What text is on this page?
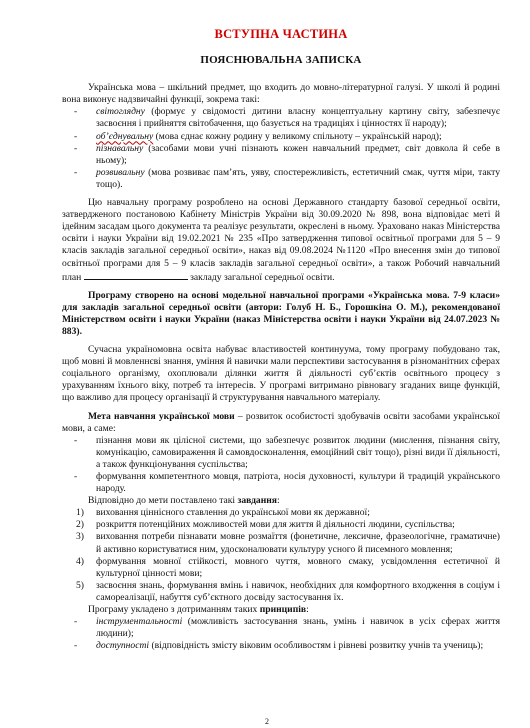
ВСТУПНА ЧАСТИНА
ПОЯСНЮВАЛЬНА ЗАПИСКА

Українська мова – шкільний предмет, що входить до мовно-літературної галузі. У школі й родині вона виконує надзвичайні функції, зокрема такі:

- світоглядну (формує у свідомості дитини власну концептуальну картину світу, забезпечує засвоєння і прийняття світобачення, що базується на традиціях і цінностях її народу);
- об’єднувальну (мова єднає кожну родину у великому спільноту – українській народ);
- пізнавальну (засобами мови учні пізнають кожен навчальний предмет, світ довкола й себе в ньому);
- розвивальну (мова розвиває пам’ять, уяву, спостережливість, естетичний смак, чуття міри, такту тощо).

Цю навчальну програму розроблено на основі Державного стандарту базової середньої освіти, затвердженого постановою Кабінету Міністрів України від 30.09.2020 № 898, вона відповідає меті й ідейним засадам цього документа та реалізує результати, окреслені в ньому. Ураховано наказ Міністерства освіти і науки України від 19.02.2021 № 235 «Про затвердження типової освітньої програми для 5 – 9 класів закладів загальної середньої освіти», наказ від 09.08.2024 №1120 «Про внесення змін до типової освітньої програми для 5 – 9 класів закладів загальної середньої освіти», а також Робочий навчальний план	закладу загальної середньої освіти.

Програму створено на основі модельної навчальної програми «Українська мова. 7-9 класи» для закладів загальної середньої освіти (автори: Голуб Н. Б., Горошкіна О. М.), рекомендованої Міністерством освіти і науки України (наказ Міністерства освіти і науки України від 24.07.2023 № 883).

Сучасна україномовна освіта набуває властивостей континуума, тому програму побудовано так, щоб мовні й мовленнєві знання, уміння й навички мали перспективи застосування в різноманітних сферах соціального організму, охоплювали ділянки життя й діяльності суб’єктів освітнього процесу з урахуванням їхнього віку, потреб та інтересів. У програмі витримано рівновагу згаданих вище функцій, що важливо для процесу організації й структурування навчального матеріалу.

Мета навчання української мови – розвиток особистості здобувачів освіти засобами української мови, а саме:

- пізнання мови як цілісної системи, що забезпечує розвиток людини (мислення, пізнання світу, комунікацію, самовираження й самовдосконалення, емоційний світ тощо), різні види її діяльності, а також функціонування суспільства;
- формування компетентного мовця, патріота, носія духовності, культури й традицій українського народу.

Відповідно до мети поставлено такі завдання:

1) виховання ціннісного ставлення до української мови як державної;
2) розкриття потенційних можливостей мови для життя й діяльності людини, суспільства;
3) виховання потреби пізнавати мовне розмаїття (фонетичне, лексичне, фразеологічне, граматичне) й активно користуватися ним, удосконалювати культуру усного й писемного мовлення;
4) формування мовної стійкості, мовного чуття, мовного смаку, усвідомлення естетичної й культурної цінності мови;
5) засвоєння знань, формування вмінь і навичок, необхідних для комфортного входження в соціум і самореалізації, набуття суб’єктного досвіду застосування їх.

Програму укладено з дотриманням таких принципів:

- інструментальності (можливість застосування знань, умінь і навичок в усіх сферах життя людини);
- доступності (відповідність змісту віковим особливостям і рівневі розвитку учнів та учениць);
2
